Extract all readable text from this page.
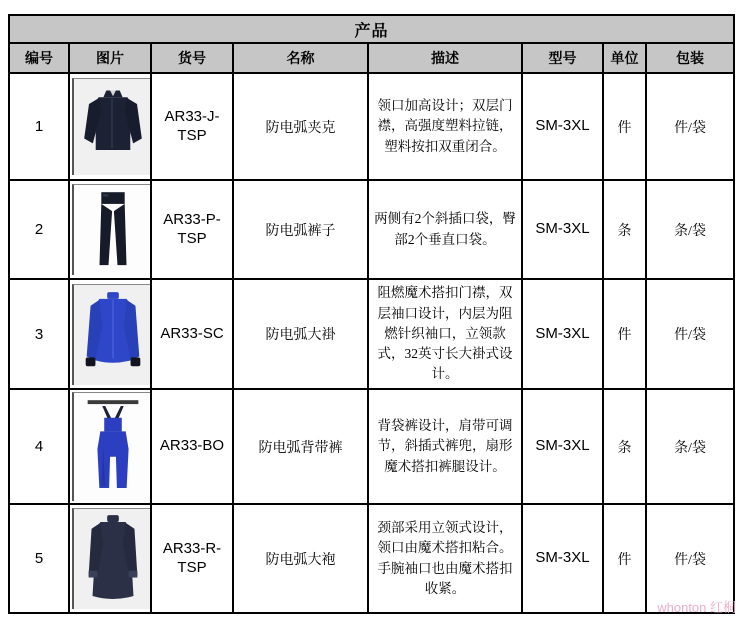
产品							
编号	图片	货号	名称	描述	型号	单位	包装
1		AR33-J-TSP	防电弧夹克	领口加高设计；双层门襟，高强度塑料拉链，塑料按扣双重闭合。	SM-3XL	件	件/袋
2		AR33-P-TSP	防电弧裤子	两侧有2个斜插口袋，臀部2个垂直口袋。	SM-3XL	条	条/袋
3		AR33-SC	防电弧大褂	阻燃魔术搭扣门襟，双层袖口设计，内层为阻燃针织袖口，立领款式，32英寸长大褂式设计。	SM-3XL	件	件/袋
4		AR33-BO	防电弧背带裤	背袋裤设计，肩带可调节，斜插式裤兜，扇形魔术搭扣裤腿设计。	SM-3XL	条	条/袋
5		AR33-R-TSP	防电弧大袍	颈部采用立领式设计，领口由魔术搭扣粘合。手腕袖口也由魔术搭扣收紧。	SM-3XL	件	件/袋
whonton 红桐
